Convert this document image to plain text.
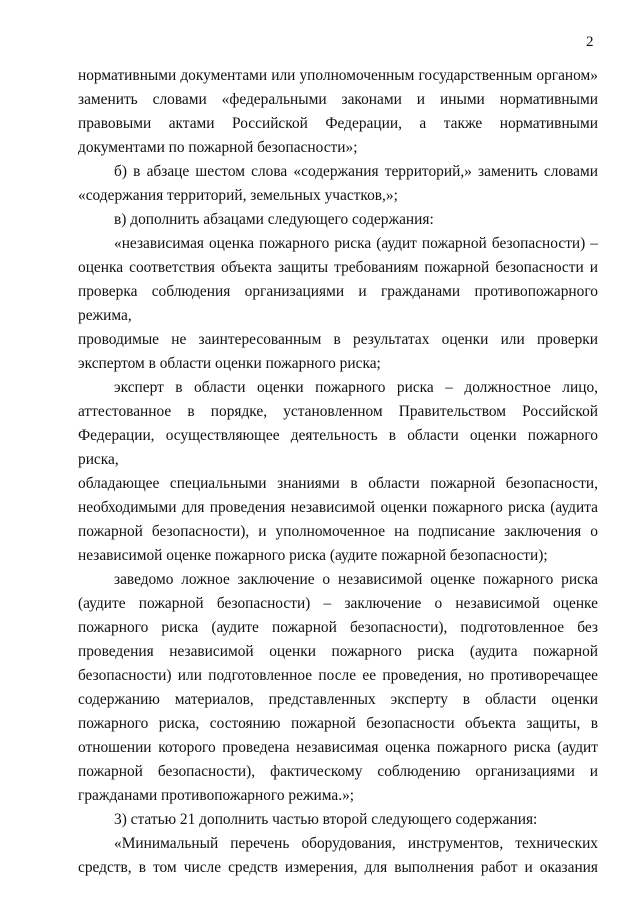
2

нормативными документами или уполномоченным государственным органом»

заменить словами «федеральными законами и иными нормативными

правовыми актами Российской Федерации, а также нормативными

документами по пожарной безопасности»;

б) в абзаце шестом слова «содержания территорий,» заменить словами

«содержания территорий, земельных участков,»;

в) дополнить абзацами следующего содержания:

«независимая оценка пожарного риска (аудит пожарной безопасности) –

оценка соответствия объекта защиты требованиям пожарной безопасности и

проверка соблюдения организациями и гражданами противопожарного режима,

проводимые не заинтересованным в результатах оценки или проверки

экспертом в области оценки пожарного риска;

эксперт в области оценки пожарного риска – должностное лицо,

аттестованное в порядке, установленном Правительством Российской

Федерации, осуществляющее деятельность в области оценки пожарного риска,

обладающее специальными знаниями в области пожарной безопасности,

необходимыми для проведения независимой оценки пожарного риска (аудита

пожарной безопасности), и уполномоченное на подписание заключения о

независимой оценке пожарного риска (аудите пожарной безопасности);

заведомо ложное заключение о независимой оценке пожарного риска

(аудите пожарной безопасности) – заключение о независимой оценке

пожарного риска (аудите пожарной безопасности), подготовленное без

проведения независимой оценки пожарного риска (аудита пожарной

безопасности) или подготовленное после ее проведения, но противоречащее

содержанию материалов, представленных эксперту в области оценки

пожарного риска, состоянию пожарной безопасности объекта защиты, в

отношении которого проведена независимая оценка пожарного риска (аудит

пожарной безопасности), фактическому соблюдению организациями и

гражданами противопожарного режима.»;

3) статью 21 дополнить частью второй следующего содержания:

«Минимальный перечень оборудования, инструментов, технических

средств, в том числе средств измерения, для выполнения работ и оказания
